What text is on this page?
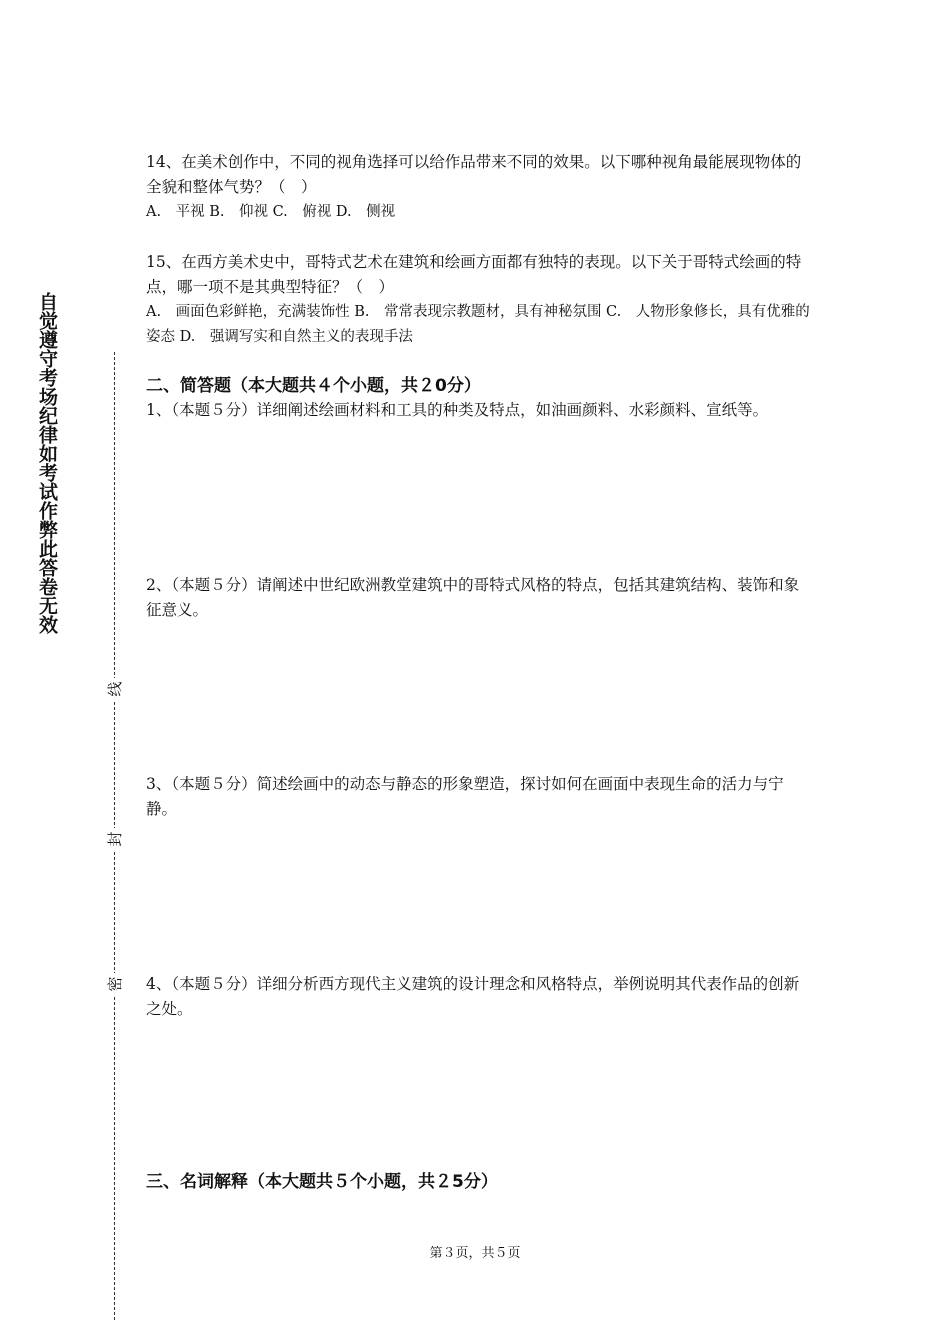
自觉遵守考场纪律如考试作弊此答卷无效
线
封
密

14、在美术创作中，不同的视角选择可以给作品带来不同的效果。以下哪种视角最能展现物体的全貌和整体气势？（　）

A.　平视 B.　仰视 C.　俯视 D.　侧视

15、在西方美术史中，哥特式艺术在建筑和绘画方面都有独特的表现。以下关于哥特式绘画的特点，哪一项不是其典型特征？（　）

A.　画面色彩鲜艳，充满装饰性 B.　常常表现宗教题材，具有神秘氛围 C.　人物形象修长，具有优雅的姿态 D.　强调写实和自然主义的表现手法

二、简答题（本大题共４个小题，共２0分）

1、（本题５分）详细阐述绘画材料和工具的种类及特点，如油画颜料、水彩颜料、宣纸等。

2、（本题５分）请阐述中世纪欧洲教堂建筑中的哥特式风格的特点，包括其建筑结构、装饰和象征意义。

3、（本题５分）简述绘画中的动态与静态的形象塑造，探讨如何在画面中表现生命的活力与宁静。

4、（本题５分）详细分析西方现代主义建筑的设计理念和风格特点，举例说明其代表作品的创新之处。

三、名词解释（本大题共５个小题，共２5分）
第３页，共５页
